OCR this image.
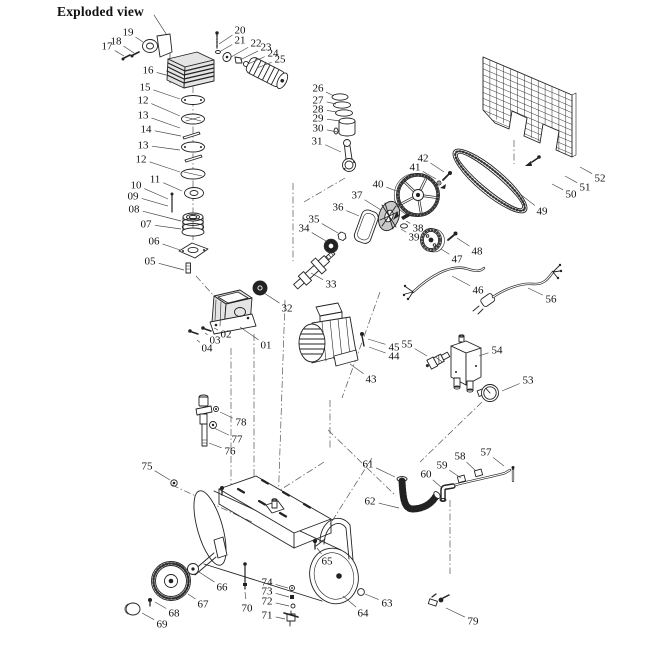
Exploded view
01
02
03
04
05
06
07
08
09
10 11
12
13
14
13
12
15
16
17
18
19	20
21 22 23
24
25
26
27
28
29
30
31
32
33
34
35
36
37
38
39
40
41
42
43
44
45
46
47
48
49
50
51
52
53
54
55
56
57
58
59
60
61
62
63
64
65
66
67
68
69
70
71
72
73
74
75
76
77
78
79
